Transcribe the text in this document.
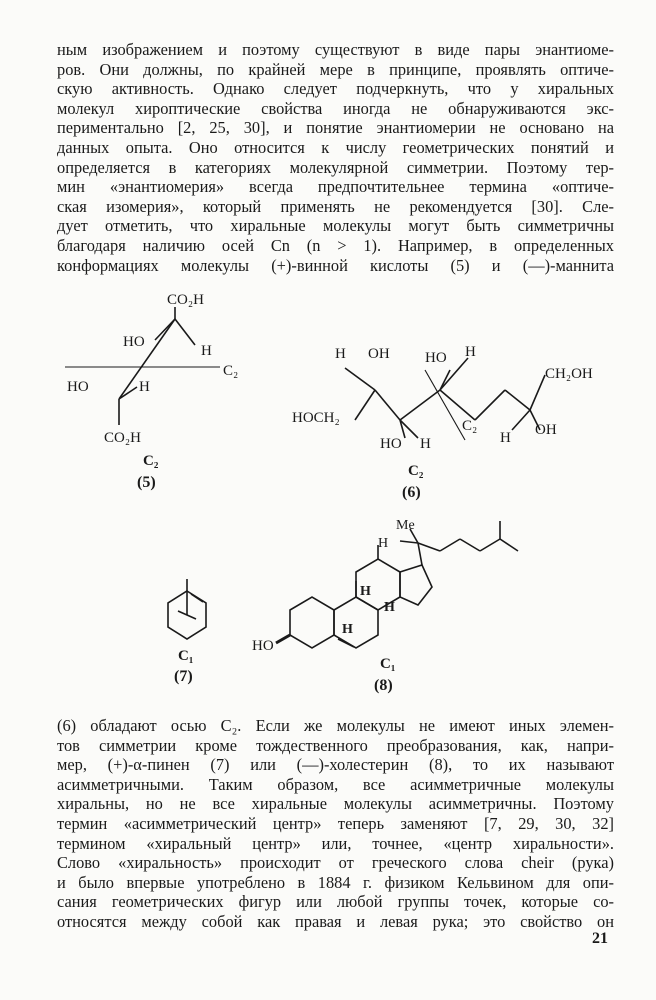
ным изображением и поэтому существуют в виде пары энантиоме-
ров. Они должны, по крайней мере в принципе, проявлять оптиче-
скую активность. Однако следует подчеркнуть, что у хиральных
молекул хироптические свойства иногда не обнаруживаются экс-
периментально [2, 25, 30], и понятие энантиомерии не основано на
данных опыта. Оно относится к числу геометрических понятий и
определяется в категориях молекулярной симметрии. Поэтому тер-
мин «энантиомерия» всегда предпочтительнее термина «оптиче-
ская изомерия», который применять не рекомендуется [30]. Сле-
дует отметить, что хиральные молекулы могут быть симметричны
благодаря наличию осей Cn (n > 1). Например, в определенных
конформациях молекулы (+)-винной кислоты (5) и (—)-маннита
CO₂H
HO
H
C₂
HO	H
CO₂H
C₂
(5)
H OH HO H
CH₂OH
HOCH₂	C₂
HO H	H OH
C₂
(6)
C₁
(7)
Me
H
H
H
H
HO
C₁
(8)
(6) обладают осью C₂. Если же молекулы не имеют иных элемен-
тов симметрии кроме тождественного преобразования, как, напри-
мер, (+)-α-пинен (7) или (—)-холестерин (8), то их называют
асимметричными. Таким образом, все асимметричные молекулы
хиральны, но не все хиральные молекулы асимметричны. Поэтому
термин «асимметрический центр» теперь заменяют [7, 29, 30, 32]
термином «хиральный центр» или, точнее, «центр хиральности».
Слово «хиральность» происходит от греческого слова cheir (рука)
и было впервые употреблено в 1884 г. физиком Кельвином для опи-
сания геометрических фигур или любой группы точек, которые со-
относятся между собой как правая и левая рука; это свойство он
21
